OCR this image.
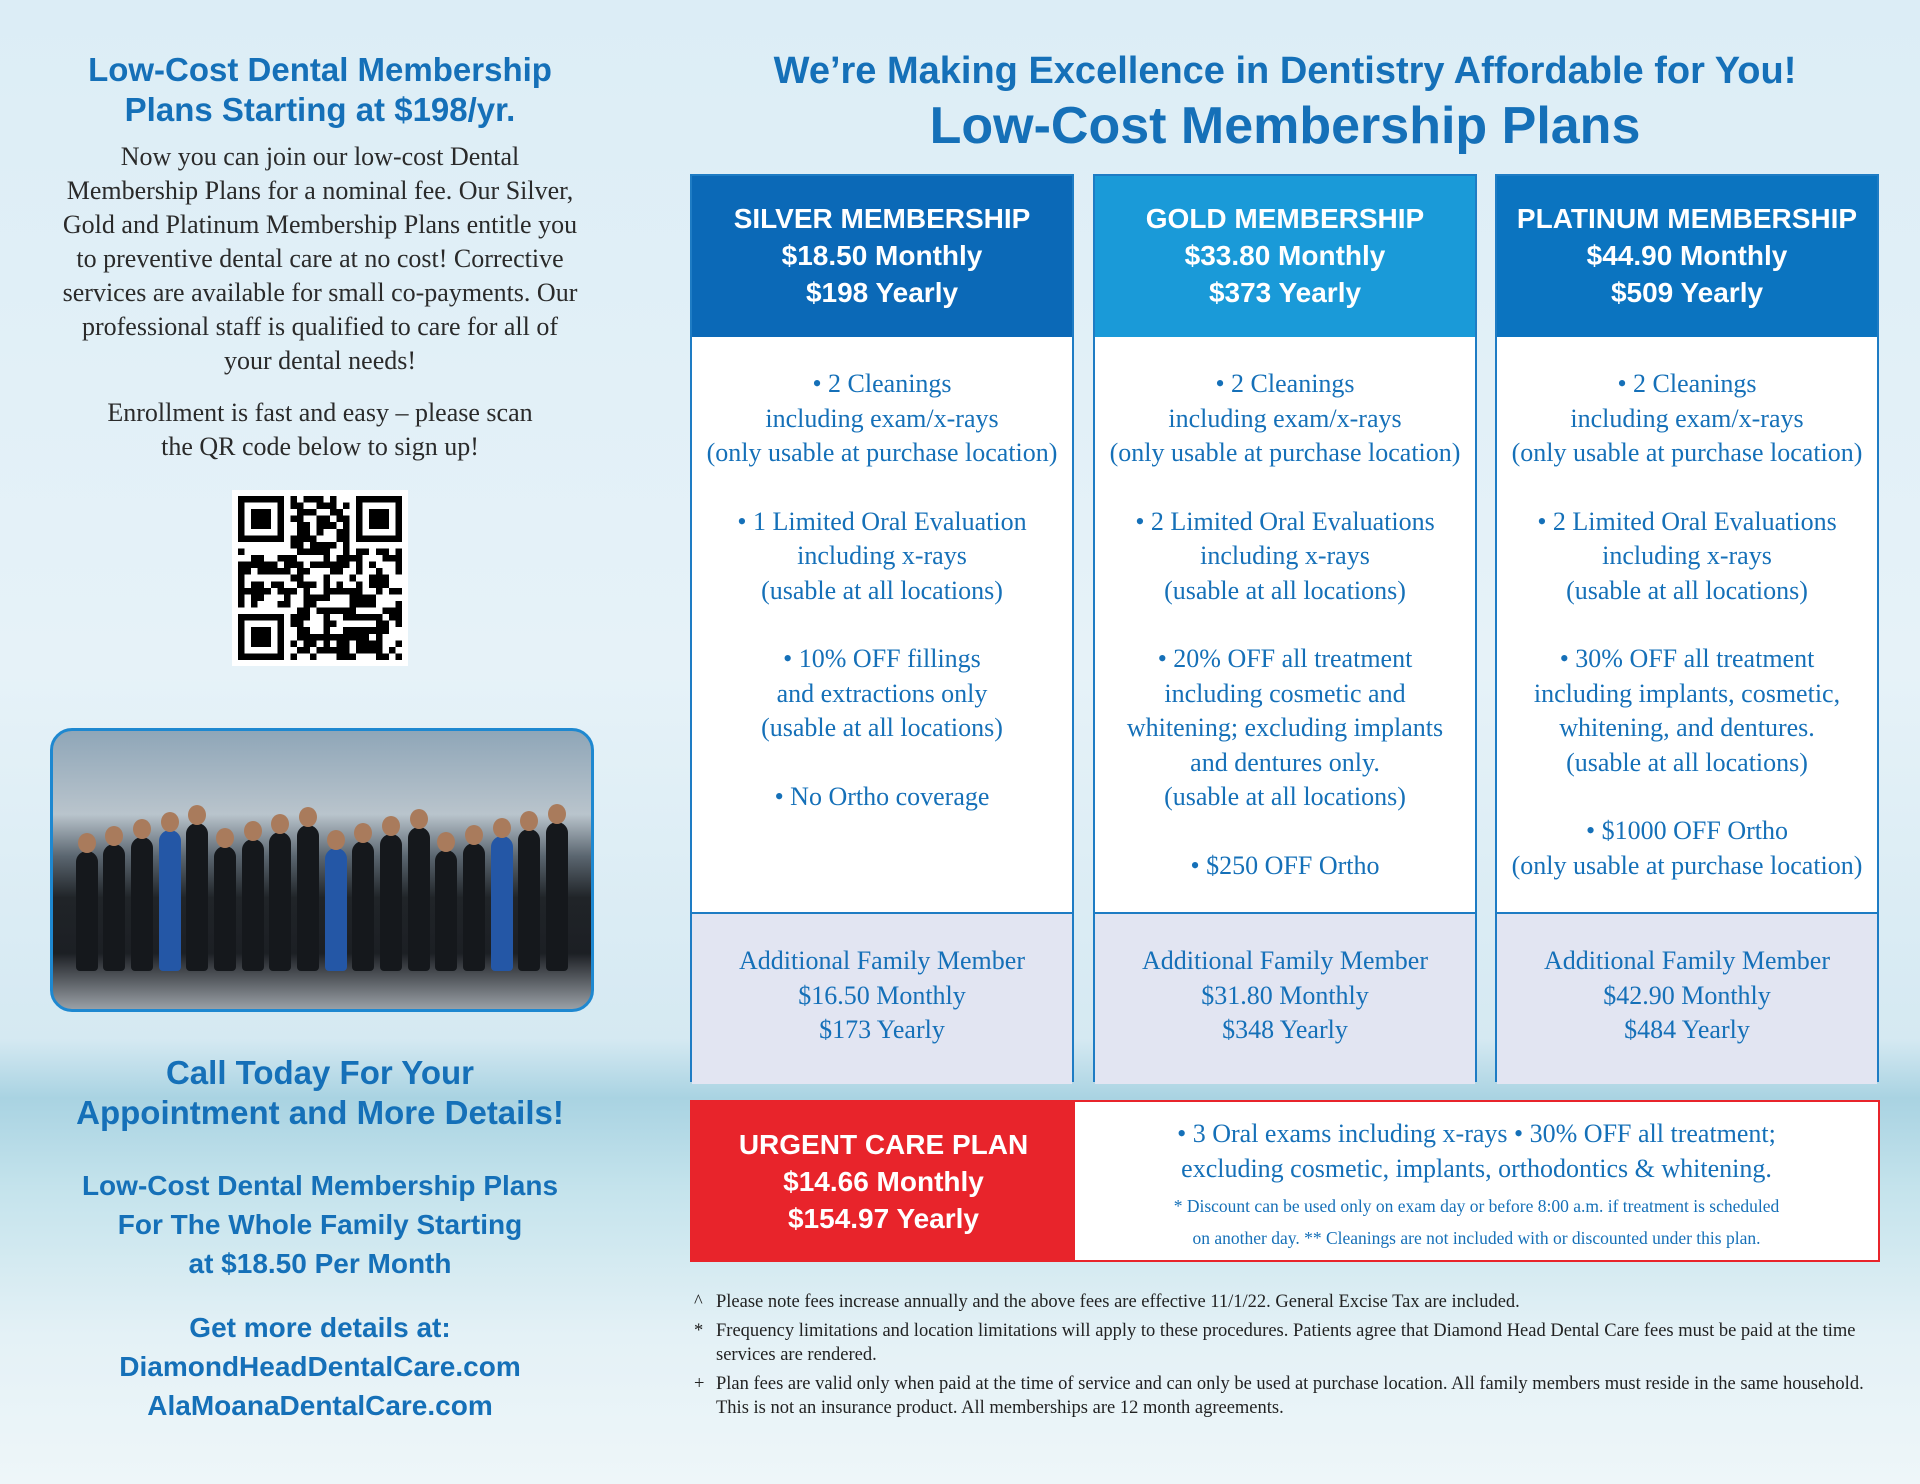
Low-Cost Dental Membership
Plans Starting at $198/yr.
Now you can join our low-cost Dental Membership Plans for a nominal fee. Our Silver, Gold and Platinum Membership Plans entitle you to preventive dental care at no cost! Corrective services are available for small co-payments. Our professional staff is qualified to care for all of your dental needs!
Enrollment is fast and easy – please scan the QR code below to sign up!
Call Today For Your
Appointment and More Details!
Low-Cost Dental Membership Plans
For The Whole Family Starting
at $18.50 Per Month
Get more details at:
DiamondHeadDentalCare.com
AlaMoanaDentalCare.com
We’re Making Excellence in Dentistry Affordable for You!
Low-Cost Membership Plans
SILVER MEMBERSHIP
$18.50 Monthly
$198 Yearly
• 2 Cleanings
including exam/x-rays
(only usable at purchase location)
• 1 Limited Oral Evaluation
including x-rays
(usable at all locations)
• 10% OFF fillings
and extractions only
(usable at all locations)
• No Ortho coverage
Additional Family Member
$16.50 Monthly
$173 Yearly
GOLD MEMBERSHIP
$33.80 Monthly
$373 Yearly
• 2 Cleanings
including exam/x-rays
(only usable at purchase location)
• 2 Limited Oral Evaluations
including x-rays
(usable at all locations)
• 20% OFF all treatment
including cosmetic and
whitening; excluding implants
and dentures only.
(usable at all locations)
• $250 OFF Ortho
Additional Family Member
$31.80 Monthly
$348 Yearly
PLATINUM MEMBERSHIP
$44.90 Monthly
$509 Yearly
• 2 Cleanings
including exam/x-rays
(only usable at purchase location)
• 2 Limited Oral Evaluations
including x-rays
(usable at all locations)
• 30% OFF all treatment
including implants, cosmetic,
whitening, and dentures.
(usable at all locations)
• $1000 OFF Ortho
(only usable at purchase location)
Additional Family Member
$42.90 Monthly
$484 Yearly
URGENT CARE PLAN
$14.66 Monthly
$154.97 Yearly
• 3 Oral exams including x-rays • 30% OFF all treatment;
excluding cosmetic, implants, orthodontics & whitening.
* Discount can be used only on exam day or before 8:00 a.m. if treatment is scheduled
on another day. ** Cleanings are not included with or discounted under this plan.
^ Please note fees increase annually and the above fees are effective 11/1/22. General Excise Tax are included.
* Frequency limitations and location limitations will apply to these procedures. Patients agree that Diamond Head Dental Care fees must be paid at the time services are rendered.
+ Plan fees are valid only when paid at the time of service and can only be used at purchase location. All family members must reside in the same household. This is not an insurance product. All memberships are 12 month agreements.
